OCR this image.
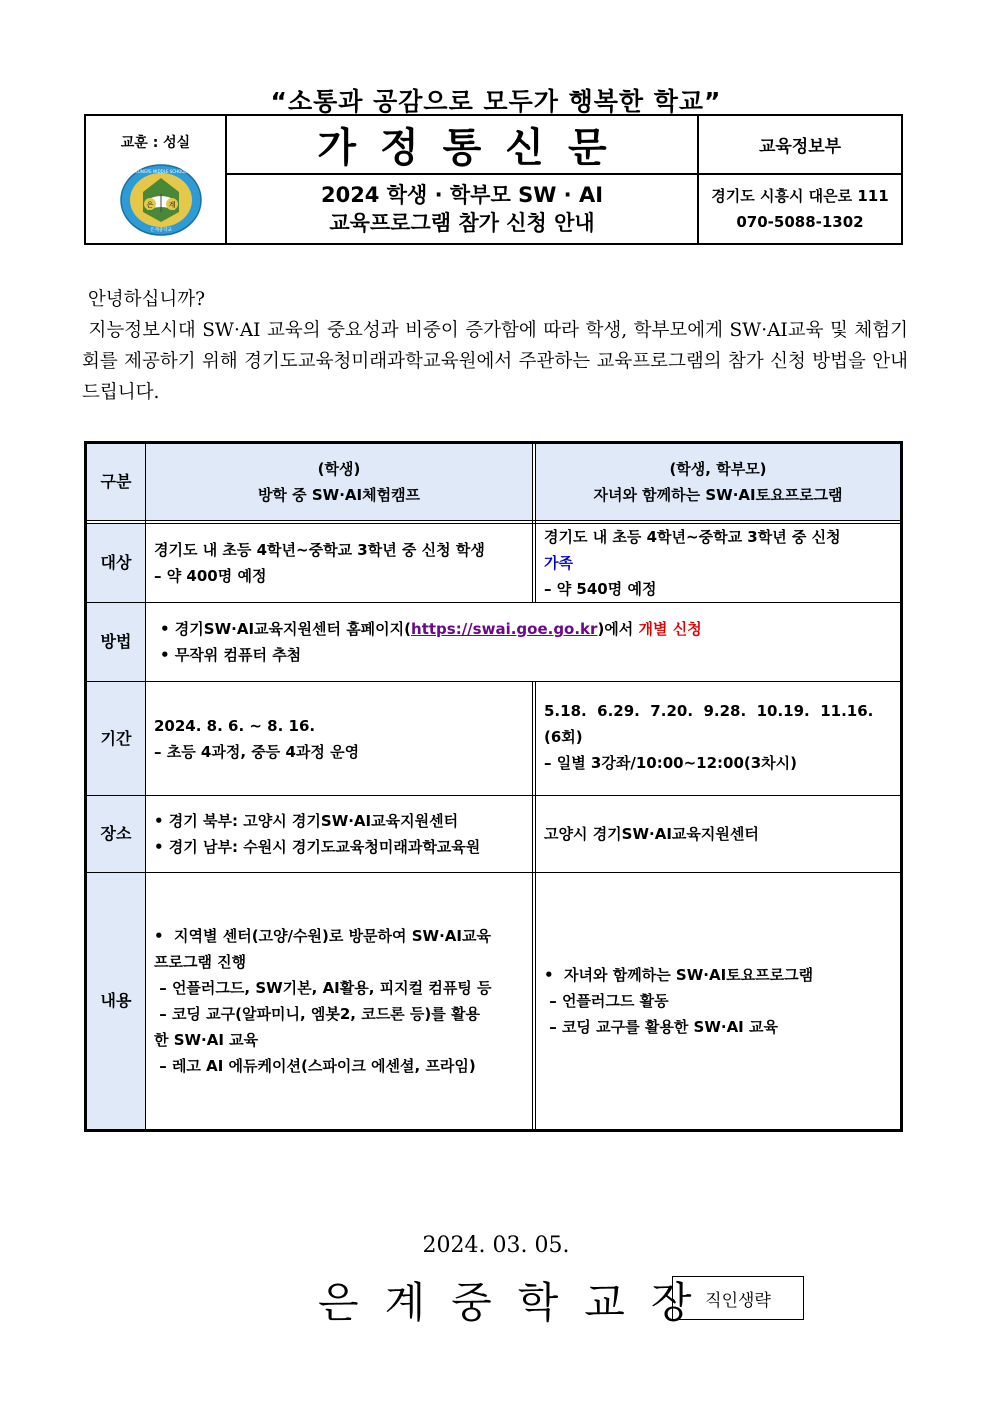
“소통과 공감으로 모두가 행복한 학교”
교훈 : 성실
은 계
EUNGYE MIDDLE SCHOOL
은계중학교
가정통신문
2024 학생 · 학부모 SW · AI
교육프로그램 참가 신청 안내
교육정보부
경기도 시흥시 대은로 111
070-5088-1302

안녕하십니까?

지능정보시대 SW·AI 교육의 중요성과 비중이 증가함에 따라 학생, 학부모에게 SW·AI교육 및 체험기회를 제공하기 위해 경기도교육청미래과학교육원에서 주관하는 교육프로그램의 참가 신청 방법을 안내드립니다.

구분
(학생)
방학 중 SW·AI체험캠프
(학생, 학부모)
자녀와 함께하는 SW·AI토요프로그램
대상
경기도 내 초등 4학년~중학교 3학년 중 신청 학생
– 약 400명 예정
경기도 내 초등 4학년~중학교 3학년 중 신청
가족
– 약 540명 예정
방법
• 경기SW·AI교육지원센터 홈페이지(https://swai.goe.go.kr)에서 개별 신청
• 무작위 컴퓨터 추첨
기간
2024. 8. 6. ~ 8. 16.
– 초등 4과정, 중등 4과정 운영
5.18.  6.29.  7.20.  9.28.  10.19.  11.16.
(6회)
– 일별 3강좌/10:00~12:00(3차시)
장소
• 경기 북부: 고양시 경기SW·AI교육지원센터
• 경기 남부: 수원시 경기도교육청미래과학교육원
고양시 경기SW·AI교육지원센터
내용
•  지역별 센터(고양/수원)로 방문하여 SW·AI교육
프로그램 진행
– 언플러그드, SW기본, AI활용, 피지컬 컴퓨팅 등
– 코딩 교구(알파미니, 엠봇2, 코드론 등)를 활용
한 SW·AI 교육
– 레고 AI 에듀케이션(스파이크 에센셜, 프라임)
•  자녀와 함께하는 SW·AI토요프로그램
– 언플러그드 활동
– 코딩 교구를 활용한 SW·AI 교육
2024. 03. 05.
은계중학교장
직인생략
